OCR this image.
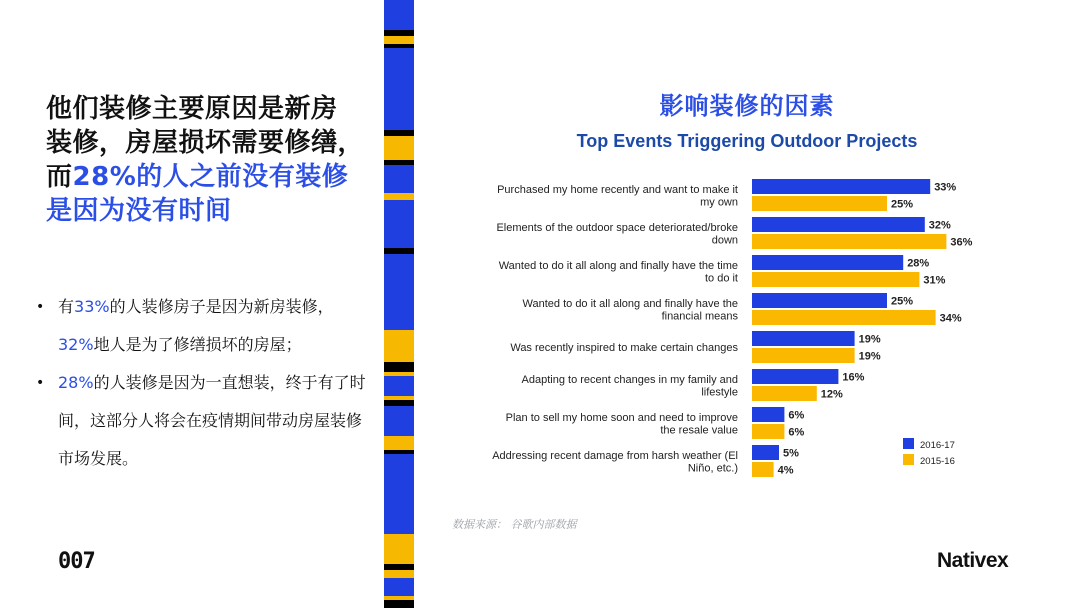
他们装修主要原因是新房
装修，房屋损坏需要修缮，
而28%的人之前没有装修
是因为没有时间
• 有33%的人装修房子是因为新房装修，32%地人是为了修缮损坏的房屋；
• 28%的人装修是因为一直想装，终于有了时间，这部分人将会在疫情期间带动房屋装修市场发展。
007
影响装修的因素
Top Events Triggering Outdoor Projects
Purchased my home recently and want to make it
my own
33%
25%
Elements of the outdoor space deteriorated/broke
down
32%
36%
Wanted to do it all along and finally have the time
to do it
28%
31%
Wanted to do it all along and finally have the
financial means
25%
34%
Was recently inspired to make certain changes
19%
19%
Adapting to recent changes in my family and
lifestyle
16%
12%
Plan to sell my home soon and need to improve
the resale value
6%
6%
Addressing recent damage from harsh weather (El
Niño, etc.)
5%
4%
2016-17
2015-16
数据来源： 谷歌内部数据
Nativex
